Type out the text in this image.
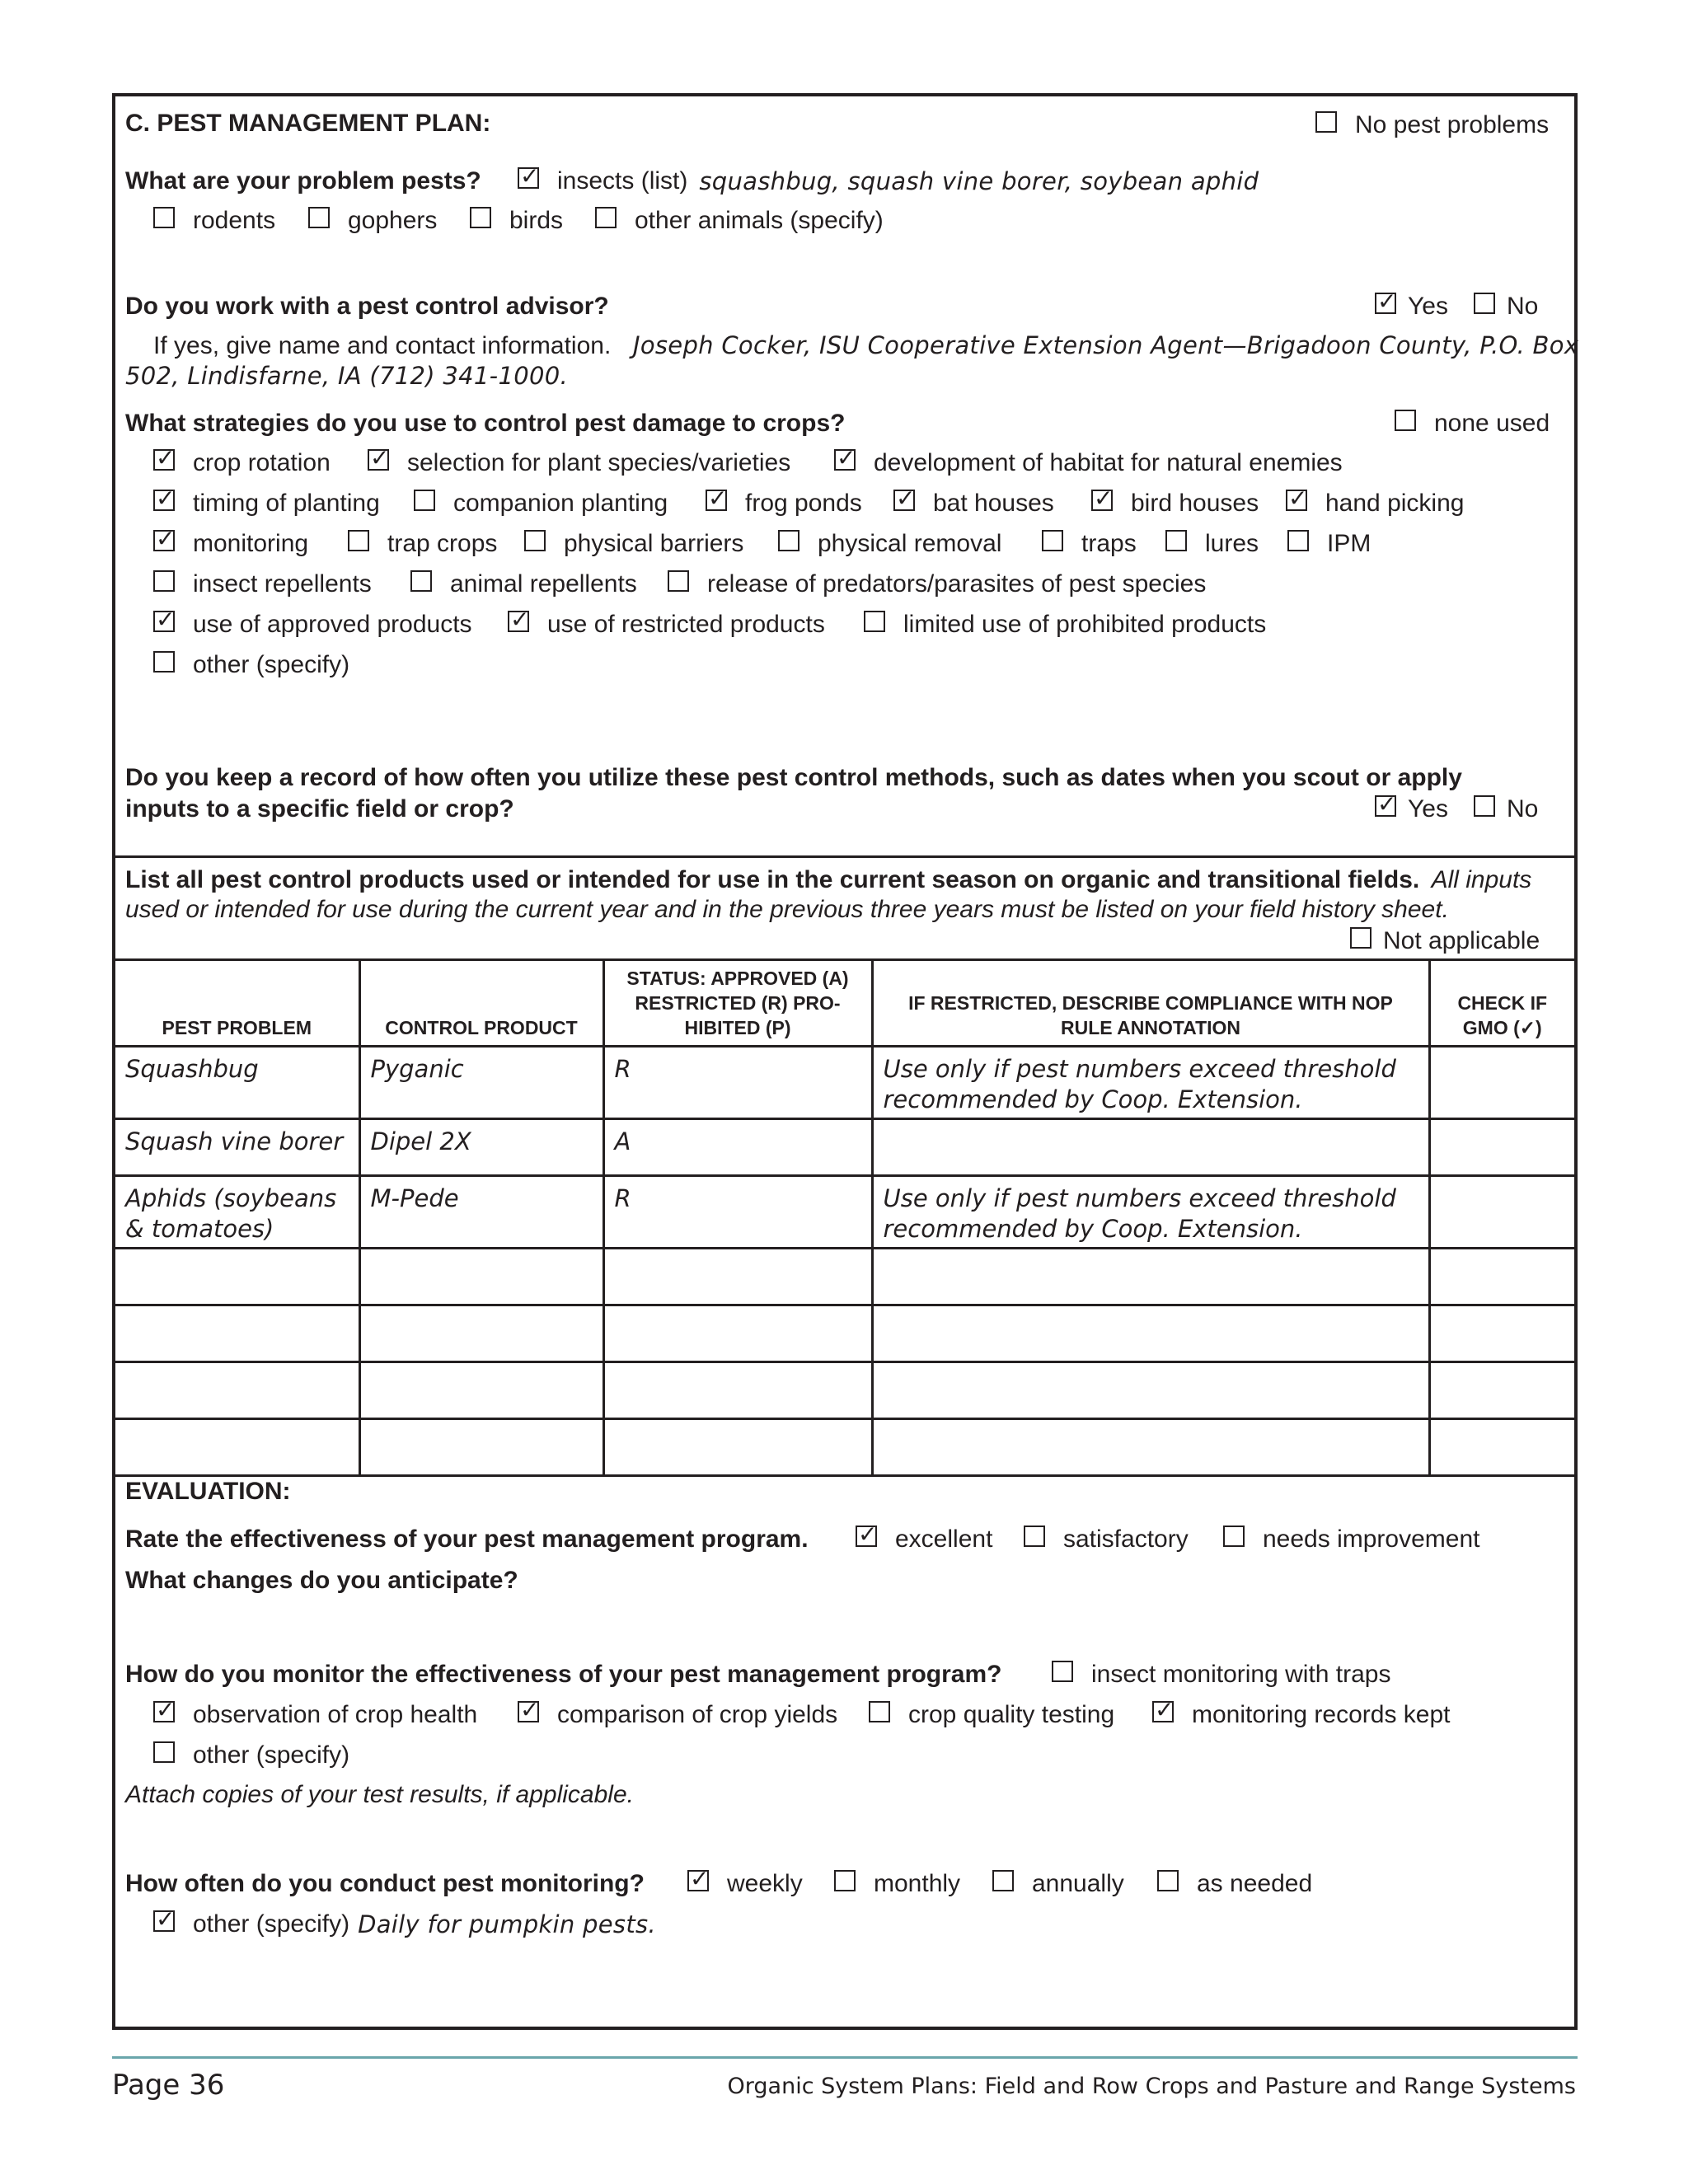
C. PEST MANAGEMENT PLAN:	No pest problems
What are your problem pests? ✓	insects (list) squashbug, squash vine borer, soybean aphid
rodents	gophers	birds	other animals (specify)
Do you work with a pest control advisor? ✓	Yes No
If yes, give name and contact information. Joseph Cocker, ISU Cooperative Extension Agent—Brigadoon County, P.O. Box
502, Lindisfarne, IA (712) 341-1000.
What strategies do you use to control pest damage to crops?	none used
✓
crop rotation ✓	selection for plant species/varieties ✓	development of habitat for natural enemies
✓
timing of planting	companion planting ✓	frog ponds ✓	bat houses ✓	bird houses ✓	hand picking
✓
monitoring	trap crops	physical barriers	physical removal	traps	lures	IPM
insect repellents	animal repellents	release of predators/parasites of pest species
✓
use of approved products ✓	use of restricted products	limited use of prohibited products
other (specify)
Do you keep a record of how often you utilize these pest control methods, such as dates when you scout or apply
inputs to a specific field or crop? ✓	Yes No
List all pest control products used or intended for use in the current season on organic and transitional fields. All inputs
used or intended for use during the current year and in the previous three years must be listed on your field history sheet.
Not applicable
PEST PROBLEM	CONTROL PRODUCT	STATUS: APPROVED (A) RESTRICTED (R) PRO-HIBITED (P)	IF RESTRICTED, DESCRIBE COMPLIANCE WITH NOP RULE ANNOTATION	CHECK IF GMO (✓)
Squashbug	Pyganic	R	Use only if pest numbers exceed threshold recommended by Coop. Extension.	
Squash vine borer	Dipel 2X	A		
Aphids (soybeans & tomatoes)	M-Pede	R	Use only if pest numbers exceed threshold recommended by Coop. Extension.	

EVALUATION:
Rate the effectiveness of your pest management program. ✓	excellent	satisfactory	needs improvement
What changes do you anticipate?
How do you monitor the effectiveness of your pest management program?	insect monitoring with traps
✓
observation of crop health ✓	comparison of crop yields	crop quality testing ✓	monitoring records kept
other (specify)
Attach copies of your test results, if applicable.
How often do you conduct pest monitoring? ✓	weekly	monthly	annually	as needed
✓
other (specify) Daily for pumpkin pests.
Page 36	Organic System Plans: Field and Row Crops and Pasture and Range Systems
